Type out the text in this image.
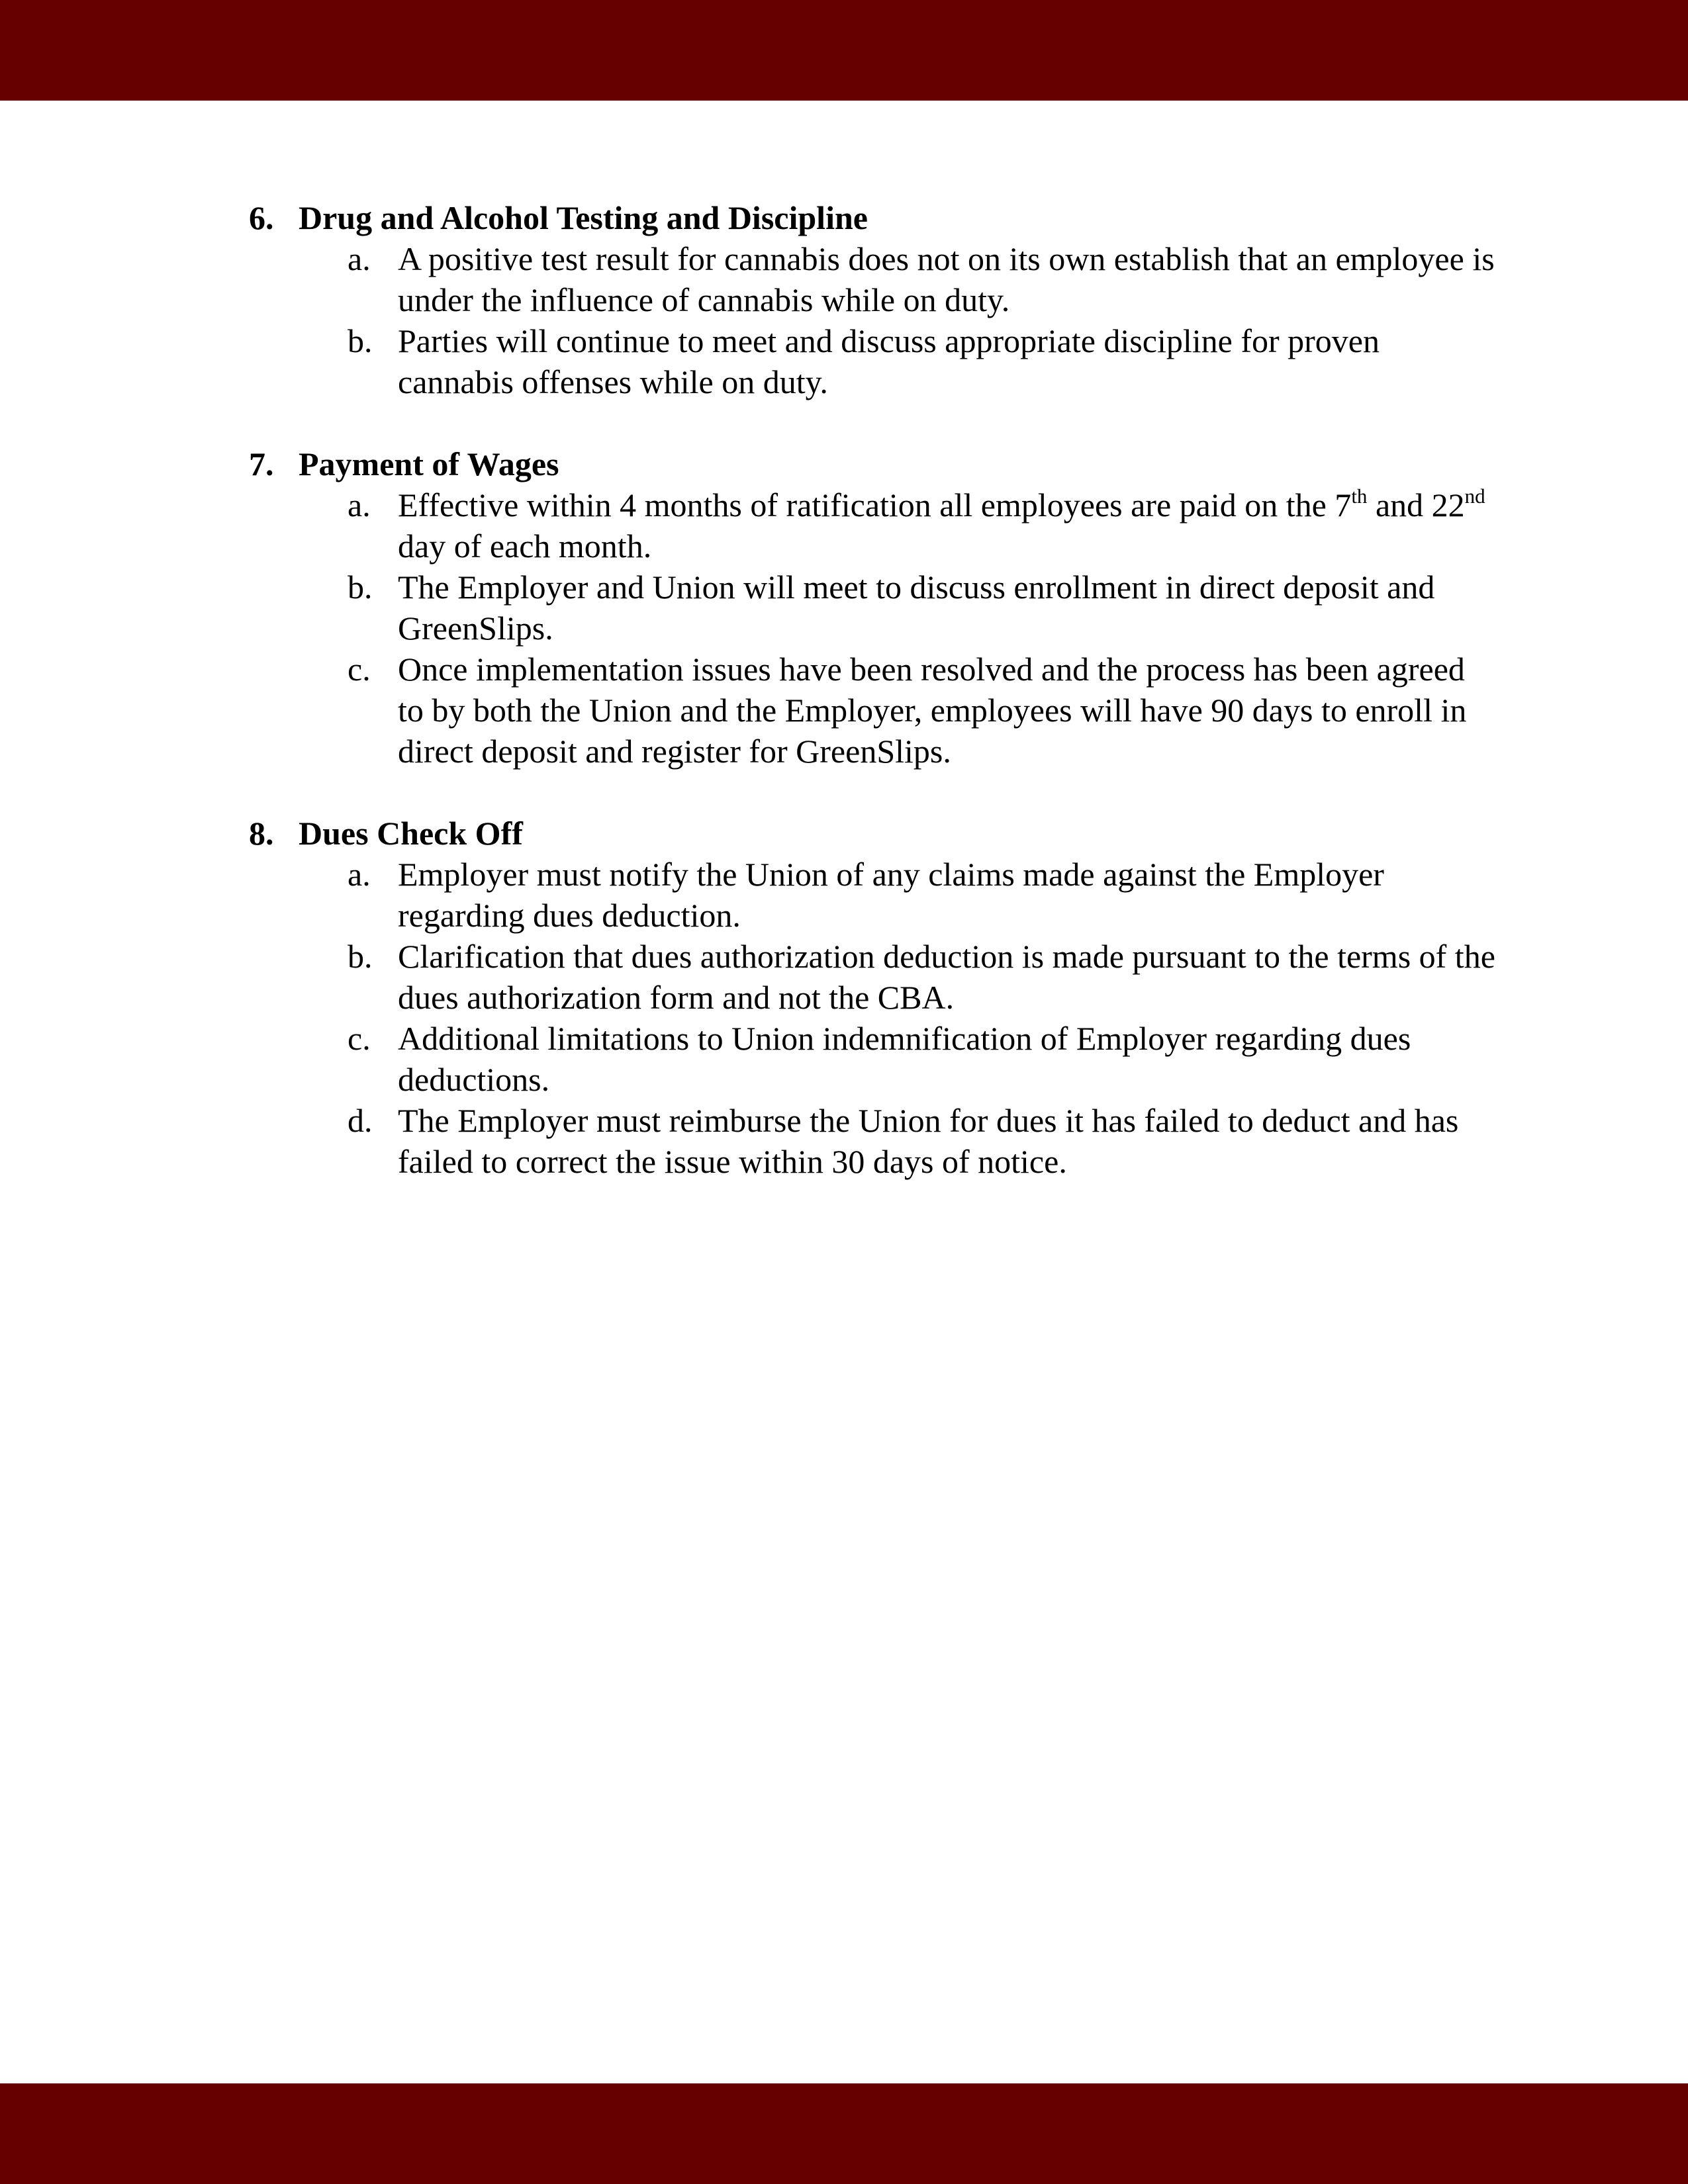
6. Drug and Alcohol Testing and Discipline
a. A positive test result for cannabis does not on its own establish that an employee is under the influence of cannabis while on duty.
b. Parties will continue to meet and discuss appropriate discipline for proven cannabis offenses while on duty.
7. Payment of Wages
a. Effective within 4 months of ratification all employees are paid on the 7th and 22nd day of each month.
b. The Employer and Union will meet to discuss enrollment in direct deposit and GreenSlips.
c. Once implementation issues have been resolved and the process has been agreed to by both the Union and the Employer, employees will have 90 days to enroll in direct deposit and register for GreenSlips.
8. Dues Check Off
a. Employer must notify the Union of any claims made against the Employer regarding dues deduction.
b. Clarification that dues authorization deduction is made pursuant to the terms of the dues authorization form and not the CBA.
c. Additional limitations to Union indemnification of Employer regarding dues deductions.
d. The Employer must reimburse the Union for dues it has failed to deduct and has failed to correct the issue within 30 days of notice.
